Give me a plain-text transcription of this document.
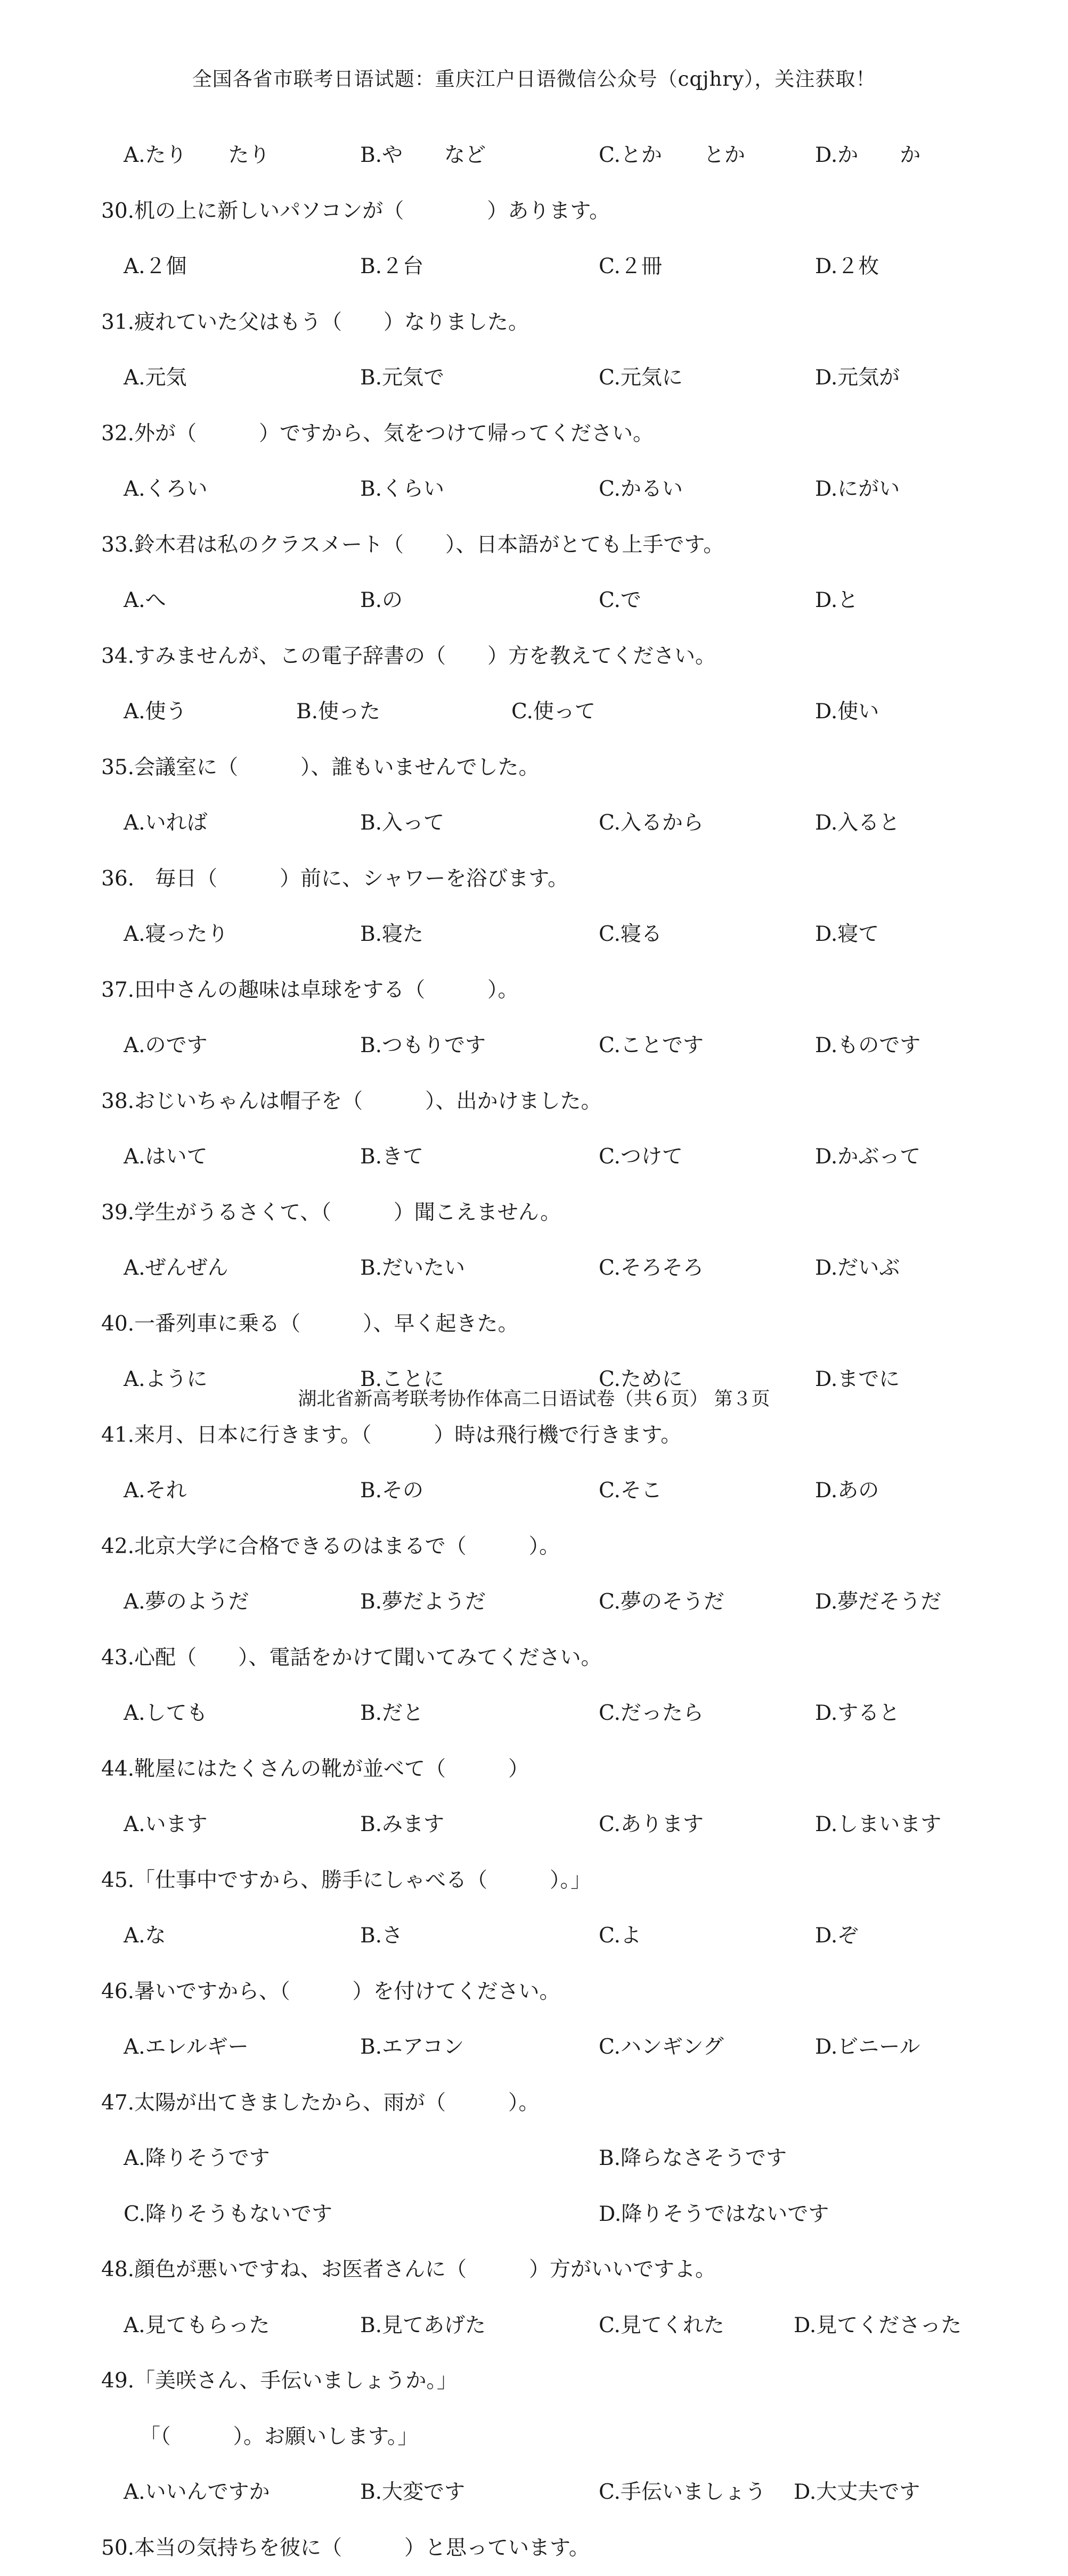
全国各省市联考日语试题：重庆江户日语微信公众号（cqjhry），关注获取！
A.たり　　たり	B.や　　など	C.とか　　とか	D.か　　か
30.机の上に新しいパソコンが（　　　　）あります。
A.２個	B.２台	C.２冊	D.２枚
31.疲れていた父はもう（　　）なりました。
A.元気	B.元気で	C.元気に	D.元気が
32.外が（　　　）ですから、気をつけて帰ってください。
A.くろい	B.くらい	C.かるい	D.にがい
33.鈴木君は私のクラスメート（　　）、日本語がとても上手です。
A.へ	B.の	C.で	D.と
34.すみませんが、この電子辞書の（　　）方を教えてください。
A.使う	B.使った	C.使って	D.使い
35.会議室に（　　　）、誰もいませんでした。
A.いれば	B.入って	C.入るから	D.入ると
36.　毎日（　　　）前に、シャワーを浴びます。
A.寝ったり	B.寝た	C.寝る	D.寝て
37.田中さんの趣味は卓球をする（　　　）。
A.のです	B.つもりです	C.ことです	D.ものです
38.おじいちゃんは帽子を（　　　）、出かけました。
A.はいて	B.きて	C.つけて	D.かぶって
39.学生がうるさくて、（　　　）聞こえません。
A.ぜんぜん	B.だいたい	C.そろそろ	D.だいぶ
40.一番列車に乗る（　　　）、早く起きた。
A.ように	B.ことに	C.ために	D.までに
41.来月、日本に行きます。（　　　）時は飛行機で行きます。
A.それ	B.その	C.そこ	D.あの
42.北京大学に合格できるのはまるで（　　　）。
A.夢のようだ	B.夢だようだ	C.夢のそうだ	D.夢だそうだ
43.心配（　　）、電話をかけて聞いてみてください。
A.しても	B.だと	C.だったら	D.すると
44.靴屋にはたくさんの靴が並べて（　　　）
A.います	B.みます	C.あります	D.しまいます
45.「仕事中ですから、勝手にしゃべる（　　　）。」
A.な	B.さ	C.よ	D.ぞ
46.暑いですから、（　　　）を付けてください。
A.エレルギー	B.エアコン	C.ハンギング	D.ビニール
47.太陽が出てきましたから、雨が（　　　）。
A.降りそうです	B.降らなさそうです
C.降りそうもないです	D.降りそうではないです
48.顔色が悪いですね、お医者さんに（　　　）方がいいですよ。
A.見てもらった	B.見てあげた	C.見てくれた	D.見てくださった
49.「美咲さん、手伝いましょうか。」
「（　　　）。お願いします。」
A.いいんですか	B.大変です	C.手伝いましょう D.大丈夫です
50.本当の気持ちを彼に（　　　）と思っています。
湖北省新高考联考协作体高二日语试卷（共６页） 第３页
